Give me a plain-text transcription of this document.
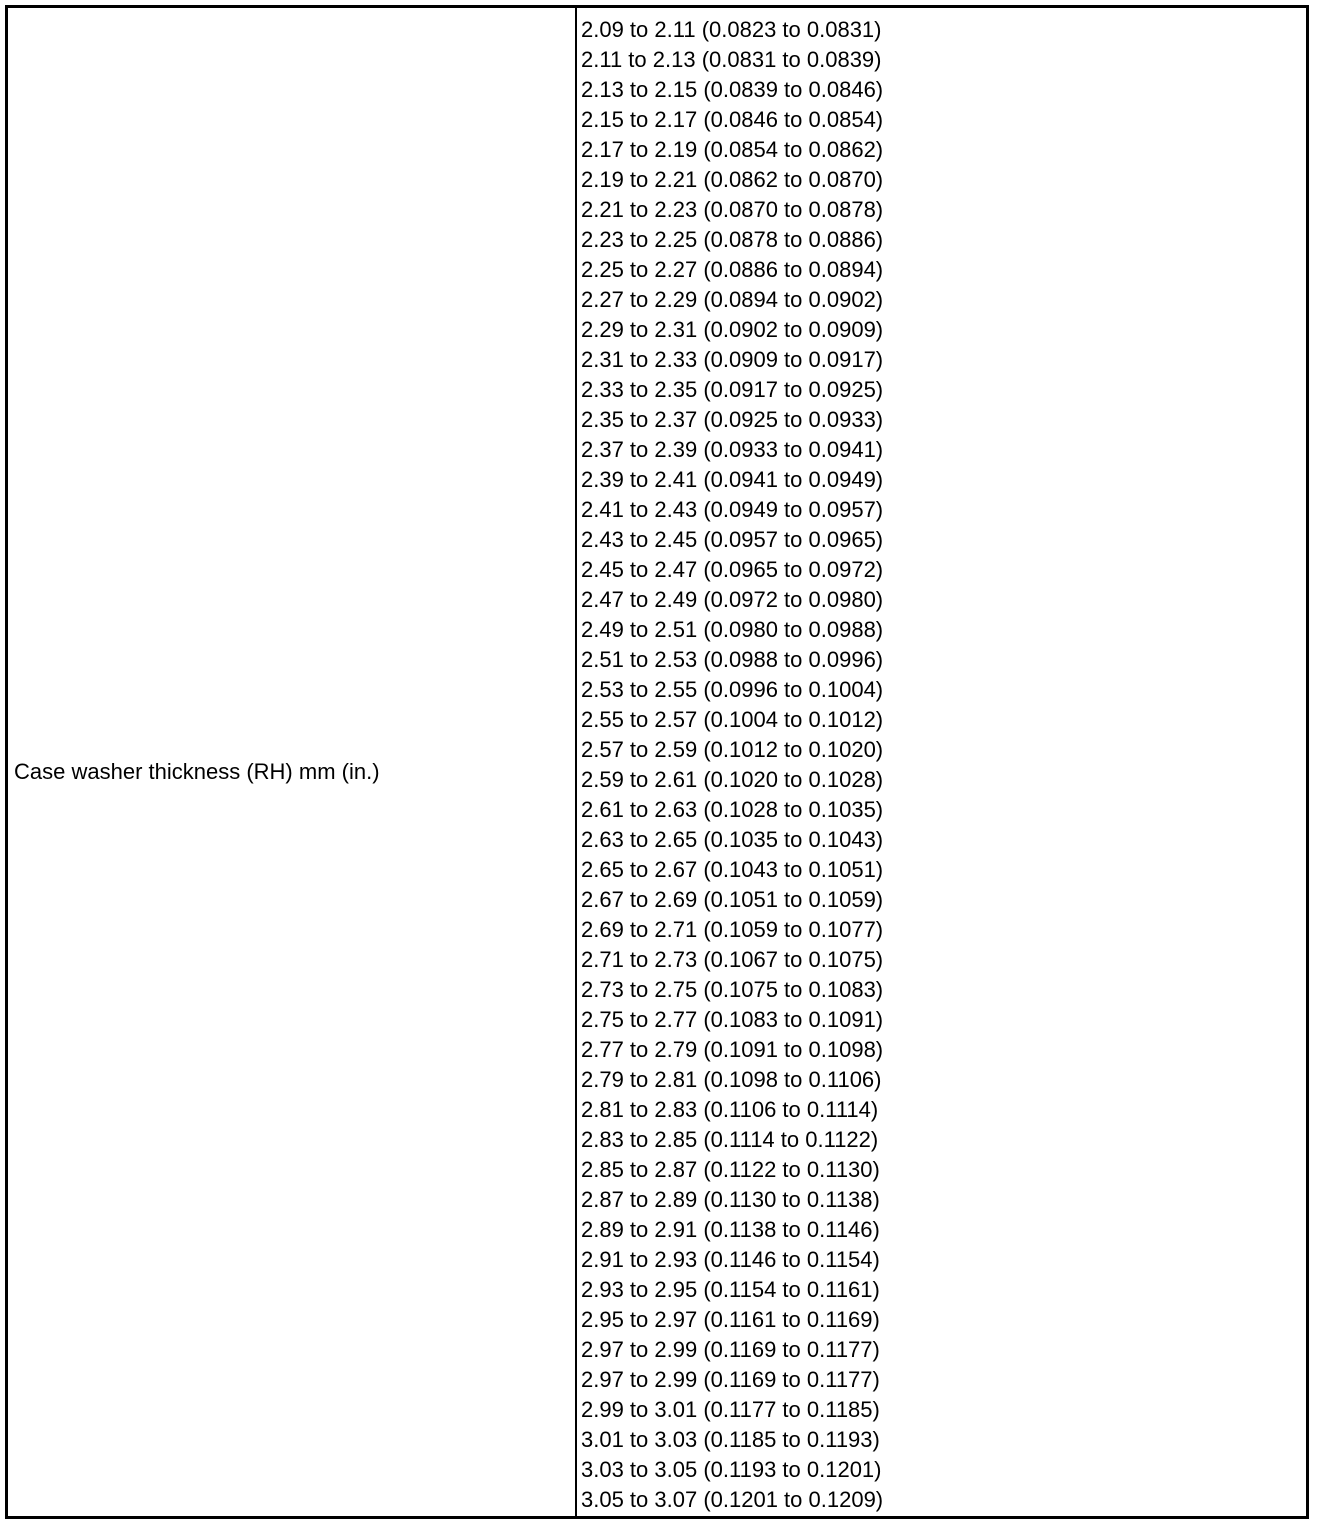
Case washer thickness (RH) mm (in.)
2.09 to 2.11 (0.0823 to 0.0831)
2.11 to 2.13 (0.0831 to 0.0839)
2.13 to 2.15 (0.0839 to 0.0846)
2.15 to 2.17 (0.0846 to 0.0854)
2.17 to 2.19 (0.0854 to 0.0862)
2.19 to 2.21 (0.0862 to 0.0870)
2.21 to 2.23 (0.0870 to 0.0878)
2.23 to 2.25 (0.0878 to 0.0886)
2.25 to 2.27 (0.0886 to 0.0894)
2.27 to 2.29 (0.0894 to 0.0902)
2.29 to 2.31 (0.0902 to 0.0909)
2.31 to 2.33 (0.0909 to 0.0917)
2.33 to 2.35 (0.0917 to 0.0925)
2.35 to 2.37 (0.0925 to 0.0933)
2.37 to 2.39 (0.0933 to 0.0941)
2.39 to 2.41 (0.0941 to 0.0949)
2.41 to 2.43 (0.0949 to 0.0957)
2.43 to 2.45 (0.0957 to 0.0965)
2.45 to 2.47 (0.0965 to 0.0972)
2.47 to 2.49 (0.0972 to 0.0980)
2.49 to 2.51 (0.0980 to 0.0988)
2.51 to 2.53 (0.0988 to 0.0996)
2.53 to 2.55 (0.0996 to 0.1004)
2.55 to 2.57 (0.1004 to 0.1012)
2.57 to 2.59 (0.1012 to 0.1020)
2.59 to 2.61 (0.1020 to 0.1028)
2.61 to 2.63 (0.1028 to 0.1035)
2.63 to 2.65 (0.1035 to 0.1043)
2.65 to 2.67 (0.1043 to 0.1051)
2.67 to 2.69 (0.1051 to 0.1059)
2.69 to 2.71 (0.1059 to 0.1077)
2.71 to 2.73 (0.1067 to 0.1075)
2.73 to 2.75 (0.1075 to 0.1083)
2.75 to 2.77 (0.1083 to 0.1091)
2.77 to 2.79 (0.1091 to 0.1098)
2.79 to 2.81 (0.1098 to 0.1106)
2.81 to 2.83 (0.1106 to 0.1114)
2.83 to 2.85 (0.1114 to 0.1122)
2.85 to 2.87 (0.1122 to 0.1130)
2.87 to 2.89 (0.1130 to 0.1138)
2.89 to 2.91 (0.1138 to 0.1146)
2.91 to 2.93 (0.1146 to 0.1154)
2.93 to 2.95 (0.1154 to 0.1161)
2.95 to 2.97 (0.1161 to 0.1169)
2.97 to 2.99 (0.1169 to 0.1177)
2.97 to 2.99 (0.1169 to 0.1177)
2.99 to 3.01 (0.1177 to 0.1185)
3.01 to 3.03 (0.1185 to 0.1193)
3.03 to 3.05 (0.1193 to 0.1201)
3.05 to 3.07 (0.1201 to 0.1209)
